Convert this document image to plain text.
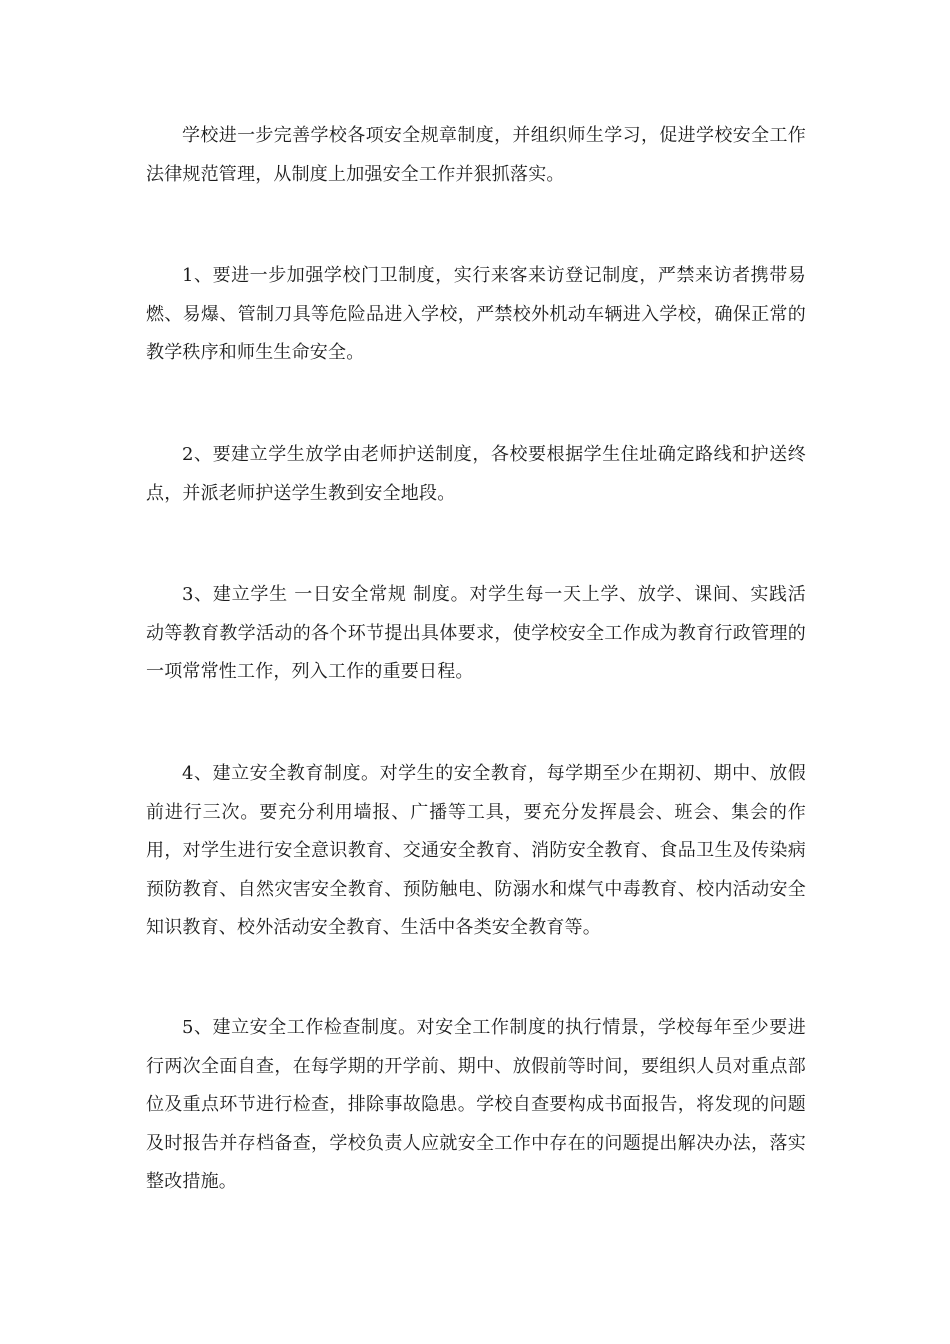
学校进一步完善学校各项安全规章制度，并组织师生学习，促进学校安全工作法律规范管理，从制度上加强安全工作并狠抓落实。

1、要进一步加强学校门卫制度，实行来客来访登记制度，严禁来访者携带易燃、易爆、管制刀具等危险品进入学校，严禁校外机动车辆进入学校，确保正常的教学秩序和师生生命安全。

2、要建立学生放学由老师护送制度，各校要根据学生住址确定路线和护送终点，并派老师护送学生教到安全地段。

3、建立学生 一日安全常规 制度。对学生每一天上学、放学、课间、实践活动等教育教学活动的各个环节提出具体要求，使学校安全工作成为教育行政管理的一项常常性工作，列入工作的重要日程。

4、建立安全教育制度。对学生的安全教育，每学期至少在期初、期中、放假前进行三次。要充分利用墙报、广播等工具，要充分发挥晨会、班会、集会的作用，对学生进行安全意识教育、交通安全教育、消防安全教育、食品卫生及传染病预防教育、自然灾害安全教育、预防触电、防溺水和煤气中毒教育、校内活动安全知识教育、校外活动安全教育、生活中各类安全教育等。

5、建立安全工作检查制度。对安全工作制度的执行情景，学校每年至少要进行两次全面自查，在每学期的开学前、期中、放假前等时间，要组织人员对重点部位及重点环节进行检查，排除事故隐患。学校自查要构成书面报告，将发现的问题及时报告并存档备查，学校负责人应就安全工作中存在的问题提出解决办法，落实整改措施。
